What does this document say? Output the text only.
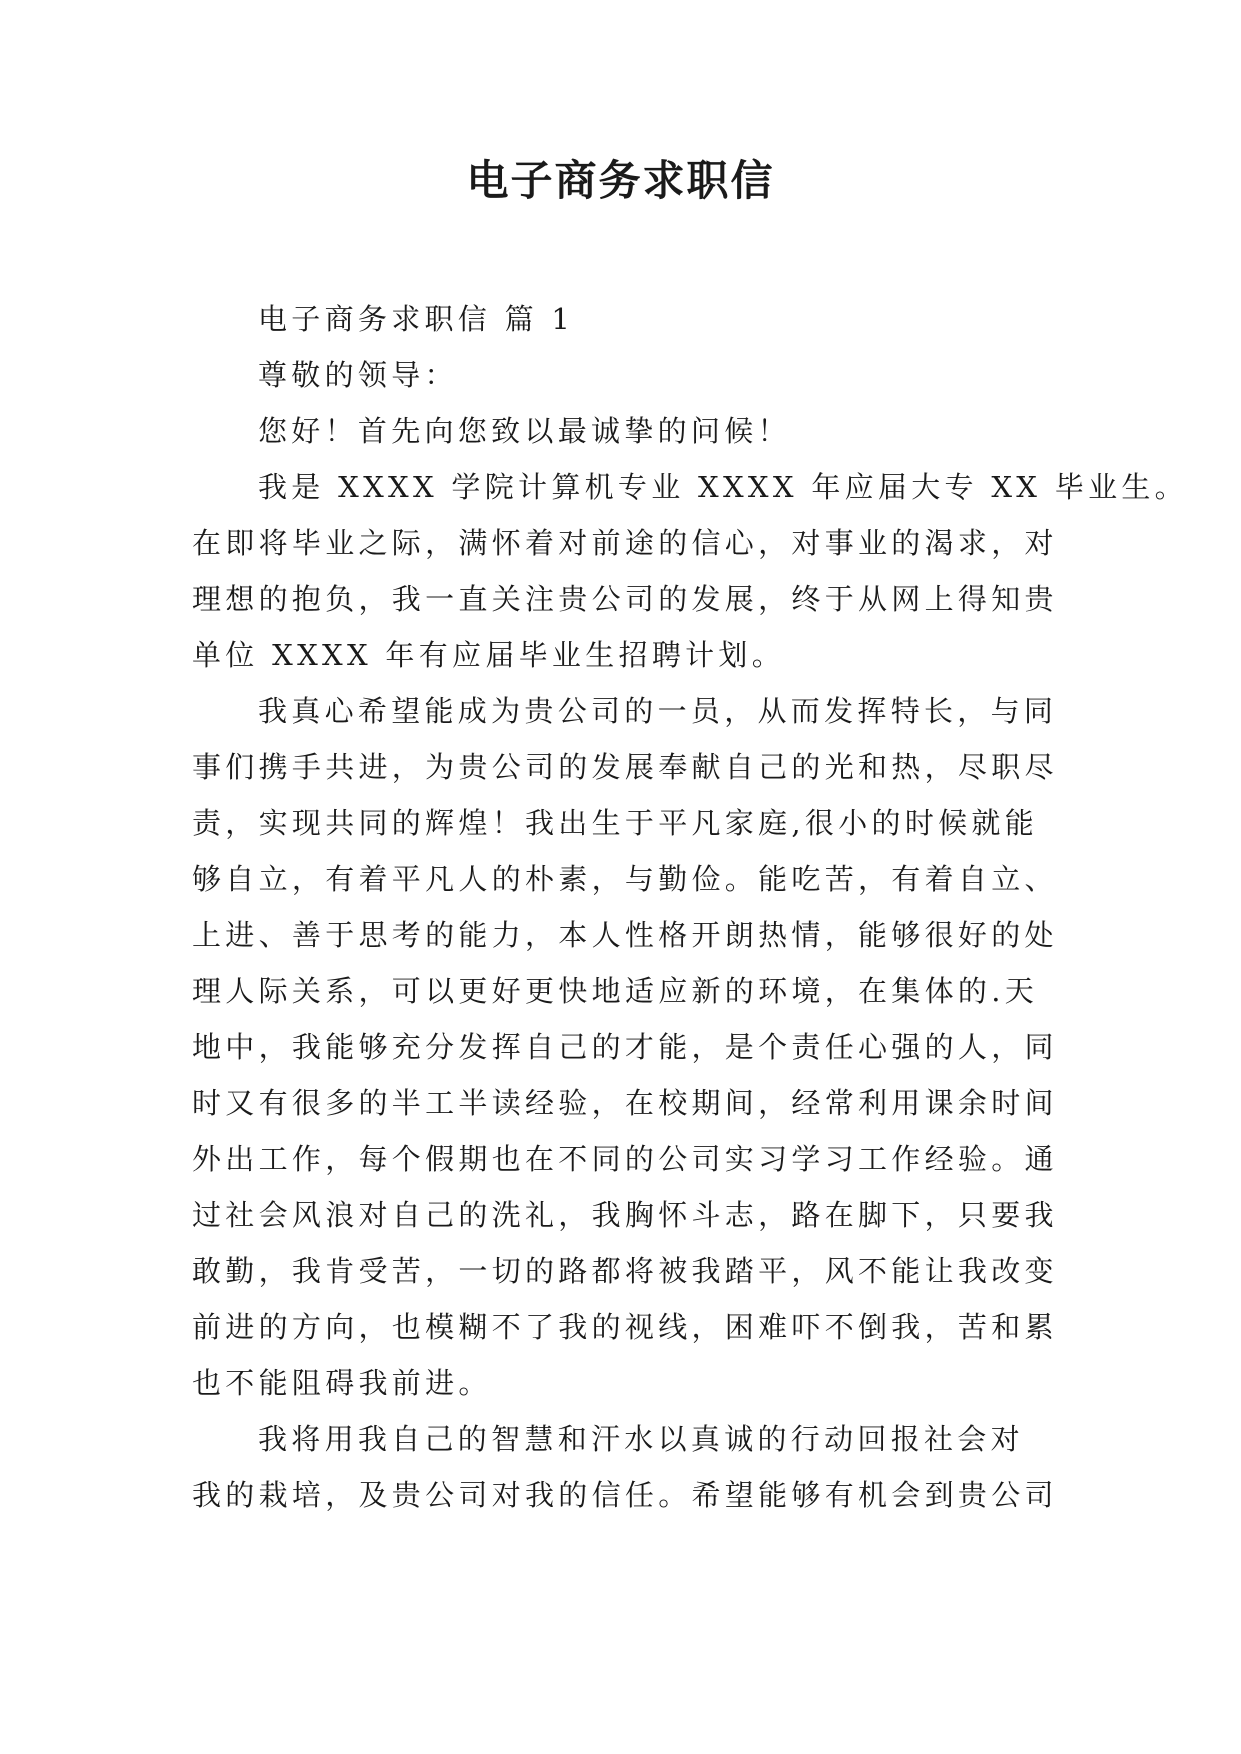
电子商务求职信
电子商务求职信 篇 1
尊敬的领导：
您好！首先向您致以最诚挚的问候！
我是 XXXX 学院计算机专业 XXXX 年应届大专 XX 毕业生。
在即将毕业之际，满怀着对前途的信心，对事业的渴求，对
理想的抱负，我一直关注贵公司的发展，终于从网上得知贵
单位 XXXX 年有应届毕业生招聘计划。
我真心希望能成为贵公司的一员，从而发挥特长，与同
事们携手共进，为贵公司的发展奉献自己的光和热，尽职尽
责，实现共同的辉煌！我出生于平凡家庭,很小的时候就能
够自立，有着平凡人的朴素，与勤俭。能吃苦，有着自立、
上进、善于思考的能力，本人性格开朗热情，能够很好的处
理人际关系，可以更好更快地适应新的环境，在集体的.天
地中，我能够充分发挥自己的才能，是个责任心强的人，同
时又有很多的半工半读经验，在校期间，经常利用课余时间
外出工作，每个假期也在不同的公司实习学习工作经验。通
过社会风浪对自己的洗礼，我胸怀斗志，路在脚下，只要我
敢勤，我肯受苦，一切的路都将被我踏平，风不能让我改变
前进的方向，也模糊不了我的视线，困难吓不倒我，苦和累
也不能阻碍我前进。
我将用我自己的智慧和汗水以真诚的行动回报社会对
我的栽培，及贵公司对我的信任。希望能够有机会到贵公司
